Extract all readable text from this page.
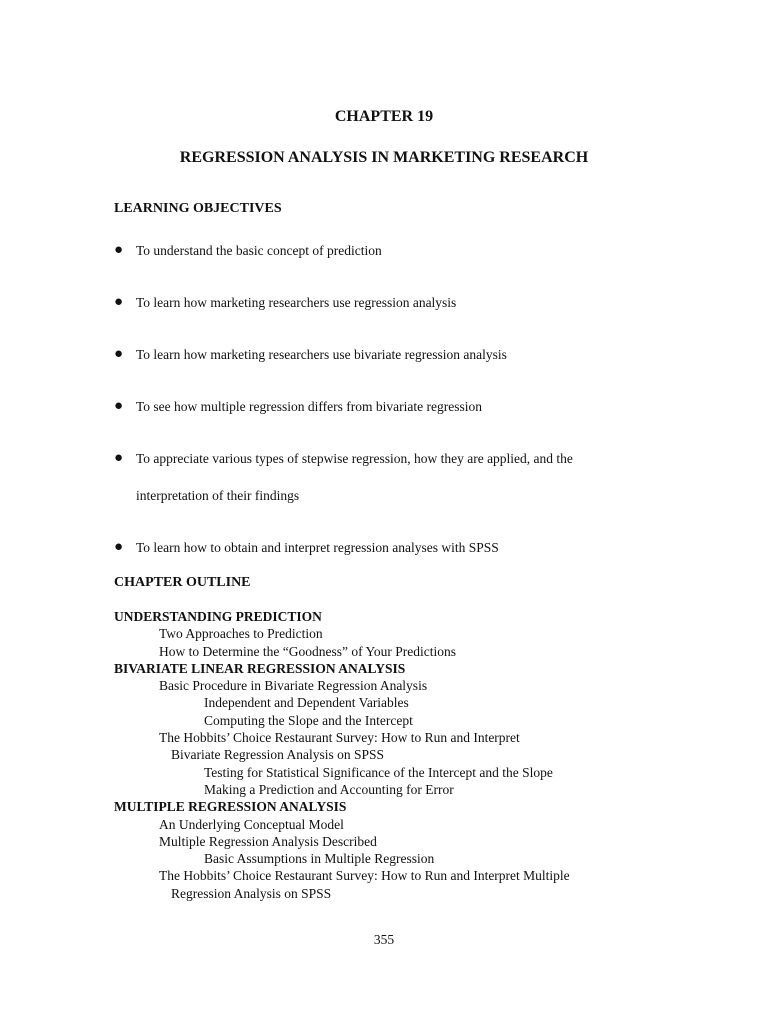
CHAPTER 19
REGRESSION ANALYSIS IN MARKETING RESEARCH
LEARNING OBJECTIVES
● To understand the basic concept of prediction
● To learn how marketing researchers use regression analysis
● To learn how marketing researchers use bivariate regression analysis
● To see how multiple regression differs from bivariate regression
● To appreciate various types of stepwise regression, how they are applied, and the
interpretation of their findings
● To learn how to obtain and interpret regression analyses with SPSS
CHAPTER OUTLINE
UNDERSTANDING PREDICTION
Two Approaches to Prediction
How to Determine the “Goodness” of Your Predictions
BIVARIATE LINEAR REGRESSION ANALYSIS
Basic Procedure in Bivariate Regression Analysis
Independent and Dependent Variables
Computing the Slope and the Intercept
The Hobbits’ Choice Restaurant Survey: How to Run and Interpret
Bivariate Regression Analysis on SPSS
Testing for Statistical Significance of the Intercept and the Slope
Making a Prediction and Accounting for Error
MULTIPLE REGRESSION ANALYSIS
An Underlying Conceptual Model
Multiple Regression Analysis Described
Basic Assumptions in Multiple Regression
The Hobbits’ Choice Restaurant Survey: How to Run and Interpret Multiple
Regression Analysis on SPSS
355
